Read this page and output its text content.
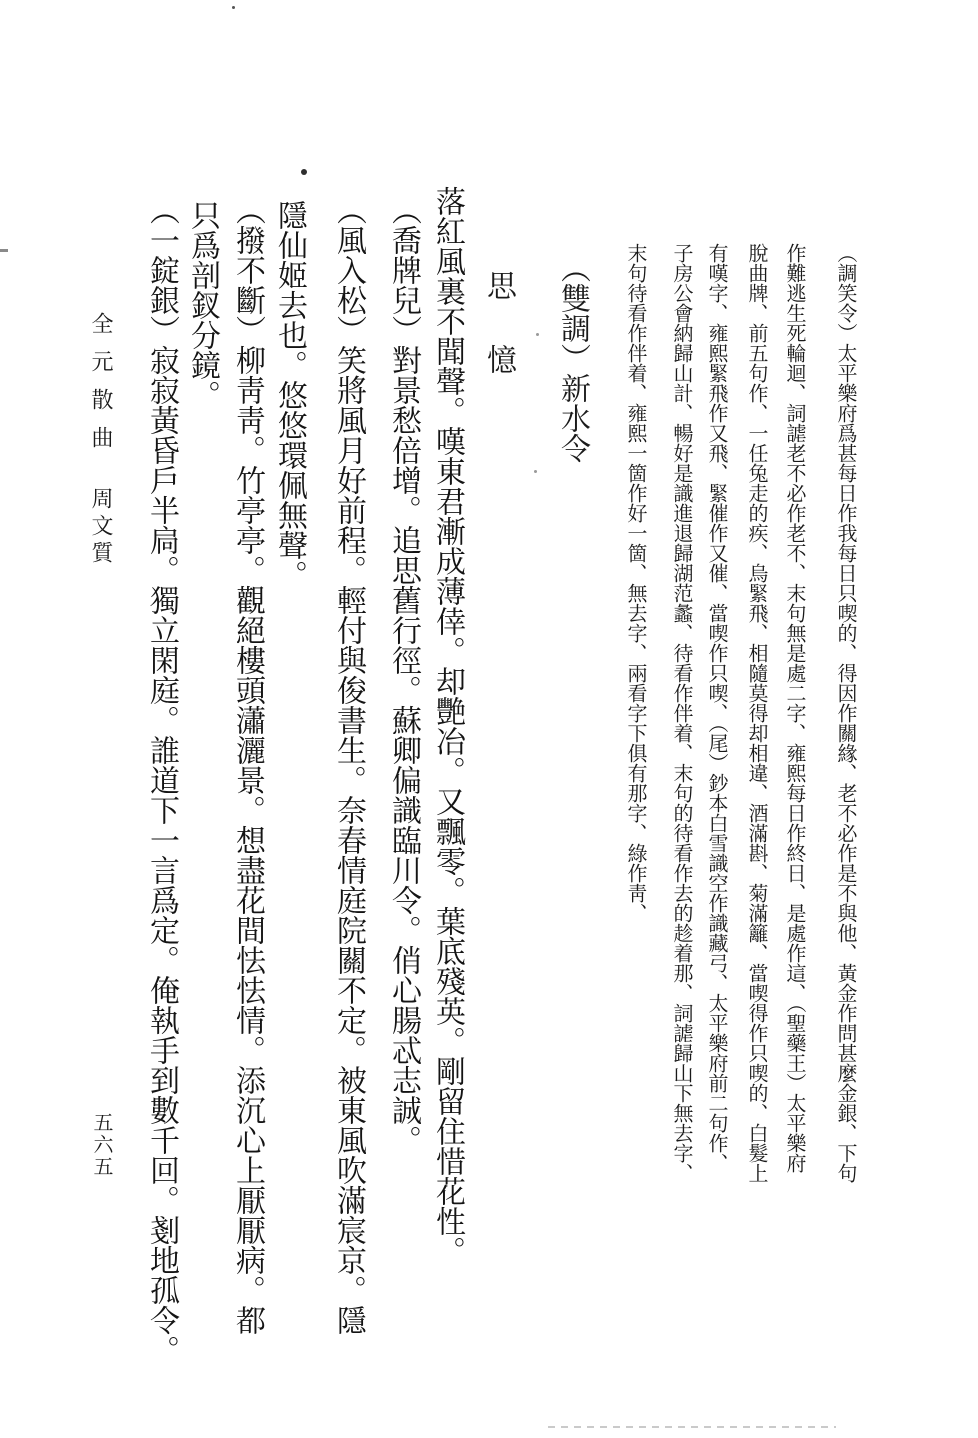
（調笑令）太平樂府爲甚每日作我每日只喫的、得因作關緣、老不必作是不與他、黃金作問甚麼金銀、下句
作難逃生死輪迴、詞謔老不必作老不、末句無是處二字、雍熙每日作終日、是處作這、（聖藥王）太平樂府
脫曲牌、前五句作、一任兔走的疾、烏緊飛、相隨莫得却相違、酒滿斟、菊滿籬、當喫得作只喫的、白髮上
有嘆字、雍熙緊飛作又飛、緊催作又催、當喫作只喫、（尾）鈔本白雪識空作識藏弓、太平樂府前二句作、
子房公會納歸山計、暢好是識進退歸湖范蠡、待看作伴着、末句的待看作去的趁着那、詞謔歸山下無去字、
末句待看作伴着、雍熙一箇作好一箇、無去字、兩看字下俱有那字、綠作靑、
（雙調）新水令
思憶
落紅風裏不聞聲。嘆東君漸成薄倖。却艷冶。又飄零。葉底殘英。剛留住惜花性。
（喬牌兒）對景愁倍增。追思舊行徑。蘇卿偏識臨川令。俏心腸忒志誠。
（風入松）笑將風月好前程。輕付與俊書生。奈春情庭院關不定。被東風吹滿宸京。隱
隱仙姬去也。悠悠環佩無聲。
（撥不斷）柳靑靑。竹亭亭。觀絕樓頭瀟灑景。想盡花間怯怯情。添沉心上厭厭病。都
只爲剖釵分鏡。
（一錠銀）寂寂黃昏戶半扃。獨立閑庭。誰道下一言爲定。俺執手到數千回。剗地孤令。
全元散曲
周文質
五六五
